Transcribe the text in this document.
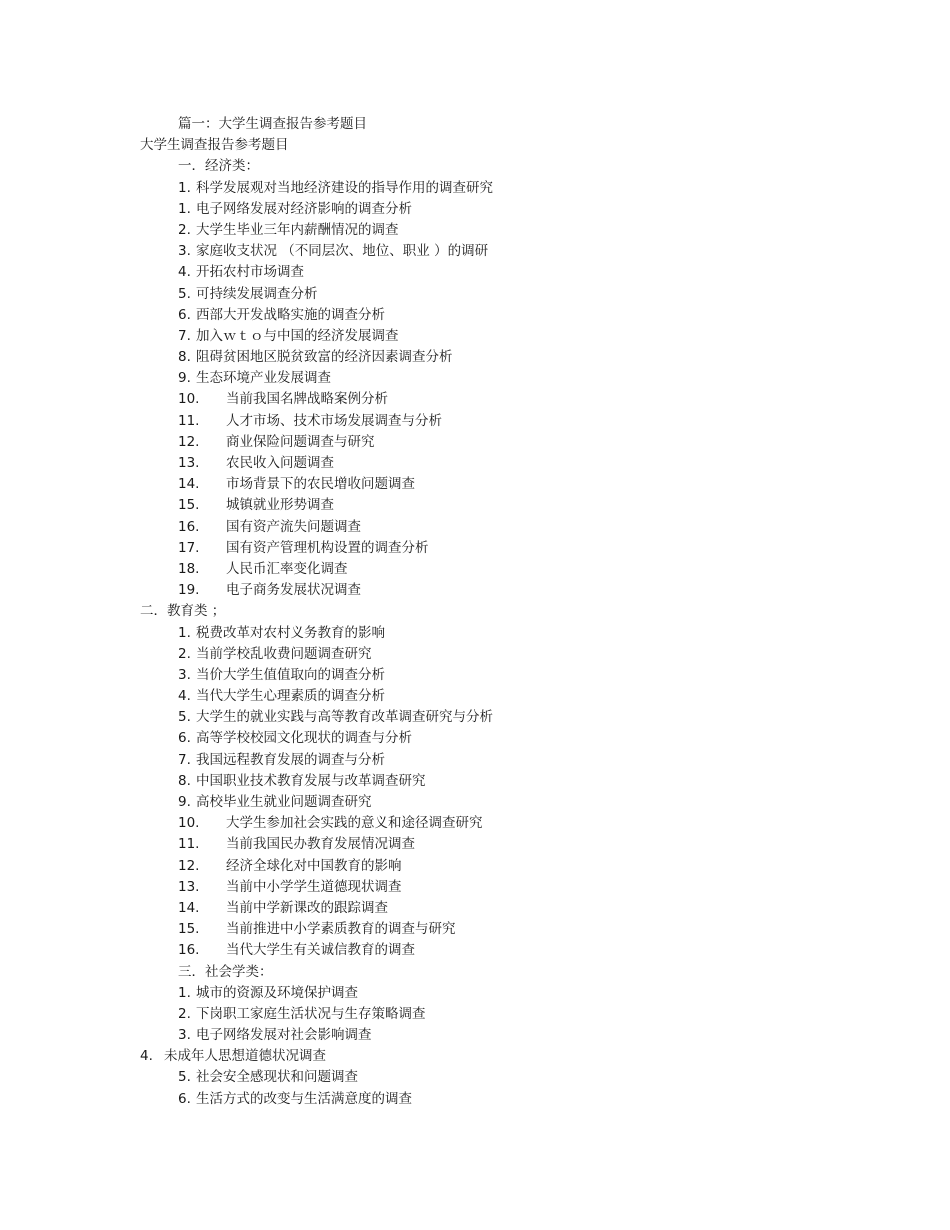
篇一：大学生调查报告参考题目
大学生调查报告参考题目
一．经济类：
1. 科学发展观对当地经济建设的指导作用的调查研究
1. 电子网络发展对经济影响的调查分析
2. 大学生毕业三年内薪酬情况的调查
3. 家庭收支状况 （不同层次、地位、职业 ）的调研
4. 开拓农村市场调查
5. 可持续发展调查分析
6. 西部大开发战略实施的调查分析
7. 加入ｗｔｏ与中国的经济发展调查
8. 阻碍贫困地区脱贫致富的经济因素调查分析
9. 生态环境产业发展调查
10. 当前我国名牌战略案例分析
11. 人才市场、技术市场发展调查与分析
12. 商业保险问题调查与研究
13. 农民收入问题调查
14. 市场背景下的农民增收问题调查
15. 城镇就业形势调查
16. 国有资产流失问题调查
17. 国有资产管理机构设置的调查分析
18. 人民币汇率变化调查
19. 电子商务发展状况调查
二．教育类 ；
1. 税费改革对农村义务教育的影响
2. 当前学校乱收费问题调查研究
3. 当价大学生值值取向的调查分析
4. 当代大学生心理素质的调查分析
5. 大学生的就业实践与高等教育改革调查研究与分析
6. 高等学校校园文化现状的调查与分析
7. 我国远程教育发展的调查与分析
8. 中国职业技术教育发展与改革调查研究
9. 高校毕业生就业问题调查研究
10. 大学生参加社会实践的意义和途径调查研究
11. 当前我国民办教育发展情况调查
12. 经济全球化对中国教育的影响
13. 当前中小学学生道德现状调查
14. 当前中学新课改的跟踪调查
15. 当前推进中小学素质教育的调查与研究
16. 当代大学生有关诚信教育的调查
三．社会学类：
1. 城市的资源及环境保护调查
2. 下岗职工家庭生活状况与生存策略调查
3. 电子网络发展对社会影响调查
4. 未成年人思想道德状况调查
5. 社会安全感现状和问题调查
6. 生活方式的改变与生活满意度的调查
